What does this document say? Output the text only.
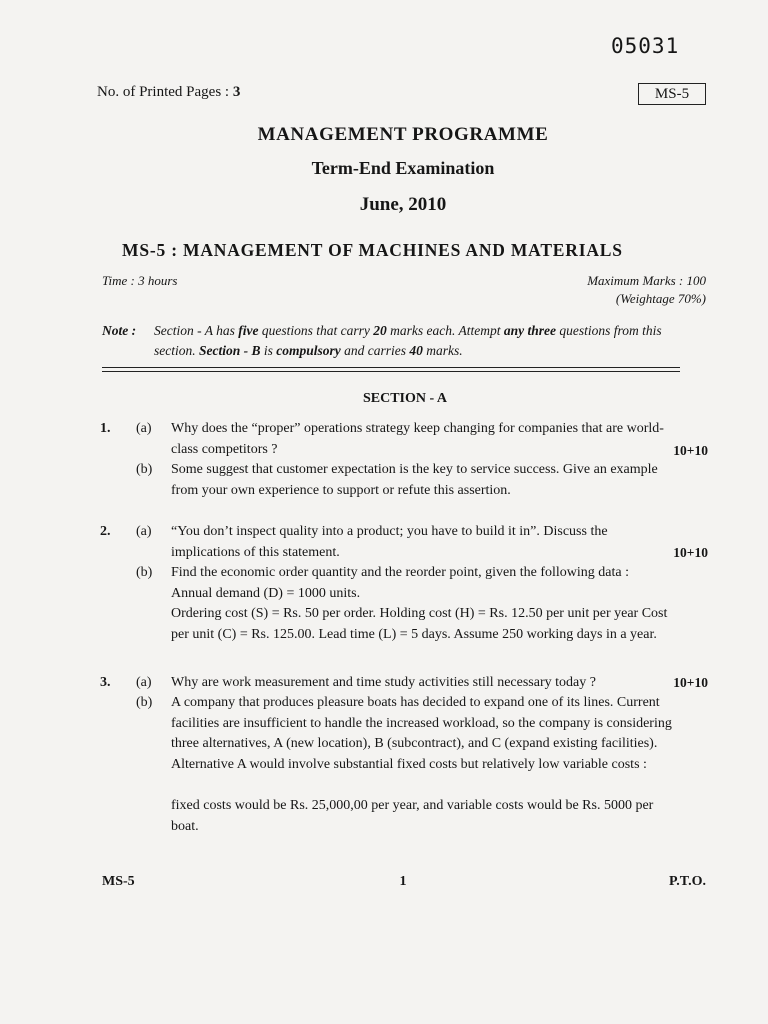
05031
No. of Printed Pages : 3	MS-5
MANAGEMENT PROGRAMME
Term-End Examination
June, 2010
MS-5 : MANAGEMENT OF MACHINES AND MATERIALS
Time : 3 hours	Maximum Marks : 100
(Weightage 70%)
Note :	Section - A has five questions that carry 20 marks each. Attempt any three questions from this section. Section - B is compulsory and carries 40 marks.
SECTION - A
1. (a) Why does the “proper” operations strategy keep changing for companies that are world-class competitors ?	10+10
(b) Some suggest that customer expectation is the key to service success. Give an example from your own experience to support or refute this assertion.
2. (a) “You don’t inspect quality into a product; you have to build it in”. Discuss the implications of this statement.	10+10
(b) Find the economic order quantity and the reorder point, given the following data :
Annual demand (D) = 1000 units.
Ordering cost (S) = Rs. 50 per order. Holding cost (H) = Rs. 12.50 per unit per year Cost per unit (C) = Rs. 125.00. Lead time (L) = 5 days. Assume 250 working days in a year.
3. (a) Why are work measurement and time study activities still necessary today ?	10+10
(b) A company that produces pleasure boats has decided to expand one of its lines. Current facilities are insufficient to handle the increased workload, so the company is considering three alternatives, A (new location), B (subcontract), and C (expand existing facilities). Alternative A would involve substantial fixed costs but relatively low variable costs :
fixed costs would be Rs. 25,000,00 per year, and variable costs would be Rs. 5000 per boat.
MS-5	1	P.T.O.
